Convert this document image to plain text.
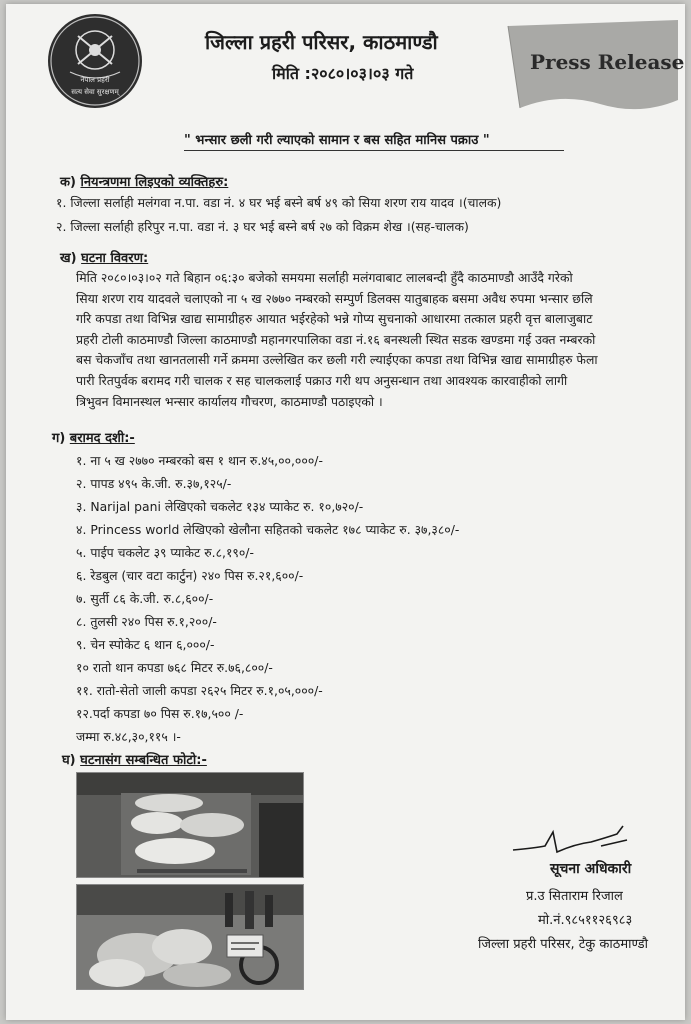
नेपाल प्रहरी
सत्य सेवा सुरक्षणम्
जिल्ला प्रहरी परिसर, काठमाण्डौ
मिति :२०८०।०३।०३ गते	Press Release
" भन्सार छली गरी ल्याएको सामान र बस सहित मानिस पक्राउ "
क) नियन्त्रणमा लिइएको व्यक्तिहरु:
१. जिल्ला सर्लाही मलंगवा न.पा. वडा नं. ४ घर भई बस्ने बर्ष ४९ को सिया शरण राय यादव ।(चालक)
२. जिल्ला सर्लाही हरिपुर न.पा. वडा नं. ३ घर भई बस्ने बर्ष २७ को विक्रम शेख ।(सह-चालक)
ख) घटना विवरण:
मिति २०८०।०३।०२ गते बिहान ०६:३० बजेको समयमा सर्लाही मलंगवाबाट लालबन्दी हुँदै काठमाण्डौ आउँदै गरेको
सिया शरण राय यादवले चलाएको ना ५ ख २७७० नम्बरको सम्पुर्ण डिलक्स यातुबाहक बसमा अवैध रुपमा भन्सार छलि
गरि कपडा तथा विभिन्न खाद्य सामाग्रीहरु आयात भईरहेको भन्ने गोप्य सुचनाको आधारमा तत्काल प्रहरी वृत्त बालाजुबाट
प्रहरी टोली काठमाण्डौ जिल्ला काठमाण्डौ महानगरपालिका वडा नं.१६ बनस्थली स्थित सडक खण्डमा गई उक्त नम्बरको
बस चेकजाँच तथा खानतलासी गर्ने क्रममा उल्लेखित कर छली गरी ल्याईएका कपडा तथा विभिन्न खाद्य सामाग्रीहरु फेला
पारी रितपुर्वक बरामद गरी चालक र सह चालकलाई पक्राउ गरी थप अनुसन्धान तथा आवश्यक कारवाहीको लागी
त्रिभुवन विमानस्थल भन्सार कार्यालय गौचरण, काठमाण्डौ पठाइएको ।
ग) बरामद दशी:-
१. ना ५ ख २७७० नम्बरको बस १ थान रु.४५,००,०००/-
२. पापड ४९५ के.जी. रु.३७,१२५/-
३. Narijal pani लेखिएको चकलेट १३४ प्याकेट रु. १०,७२०/-
४. Princess world लेखिएको खेलौना सहितको चकलेट १७८ प्याकेट रु. ३७,३८०/-
५. पाईप चकलेट ३९ प्याकेट रु.८,१९०/-
६. रेडबुल (चार वटा कार्टुन) २४० पिस रु.२१,६००/-
७. सुर्ती ८६ के.जी. रु.८,६००/-
८. तुलसी २४० पिस रु.१,२००/-
९. चेन स्पोकेट ६ थान ६,०००/-
१० रातो थान कपडा ७६८ मिटर रु.७६,८००/-
११. रातो-सेतो जाली कपडा २६२५ मिटर रु.१,०५,०००/-
१२.पर्दा कपडा ७० पिस रु.१७,५०० /-
जम्मा रु.४८,३०,११५ ।-
घ) घटनासंग सम्बन्धित फोटो:-
सूचना अधिकारी
प्र.उ सिताराम रिजाल
मो.नं.९८५११२६९८३
जिल्ला प्रहरी परिसर, टेकु काठमाण्डौ
